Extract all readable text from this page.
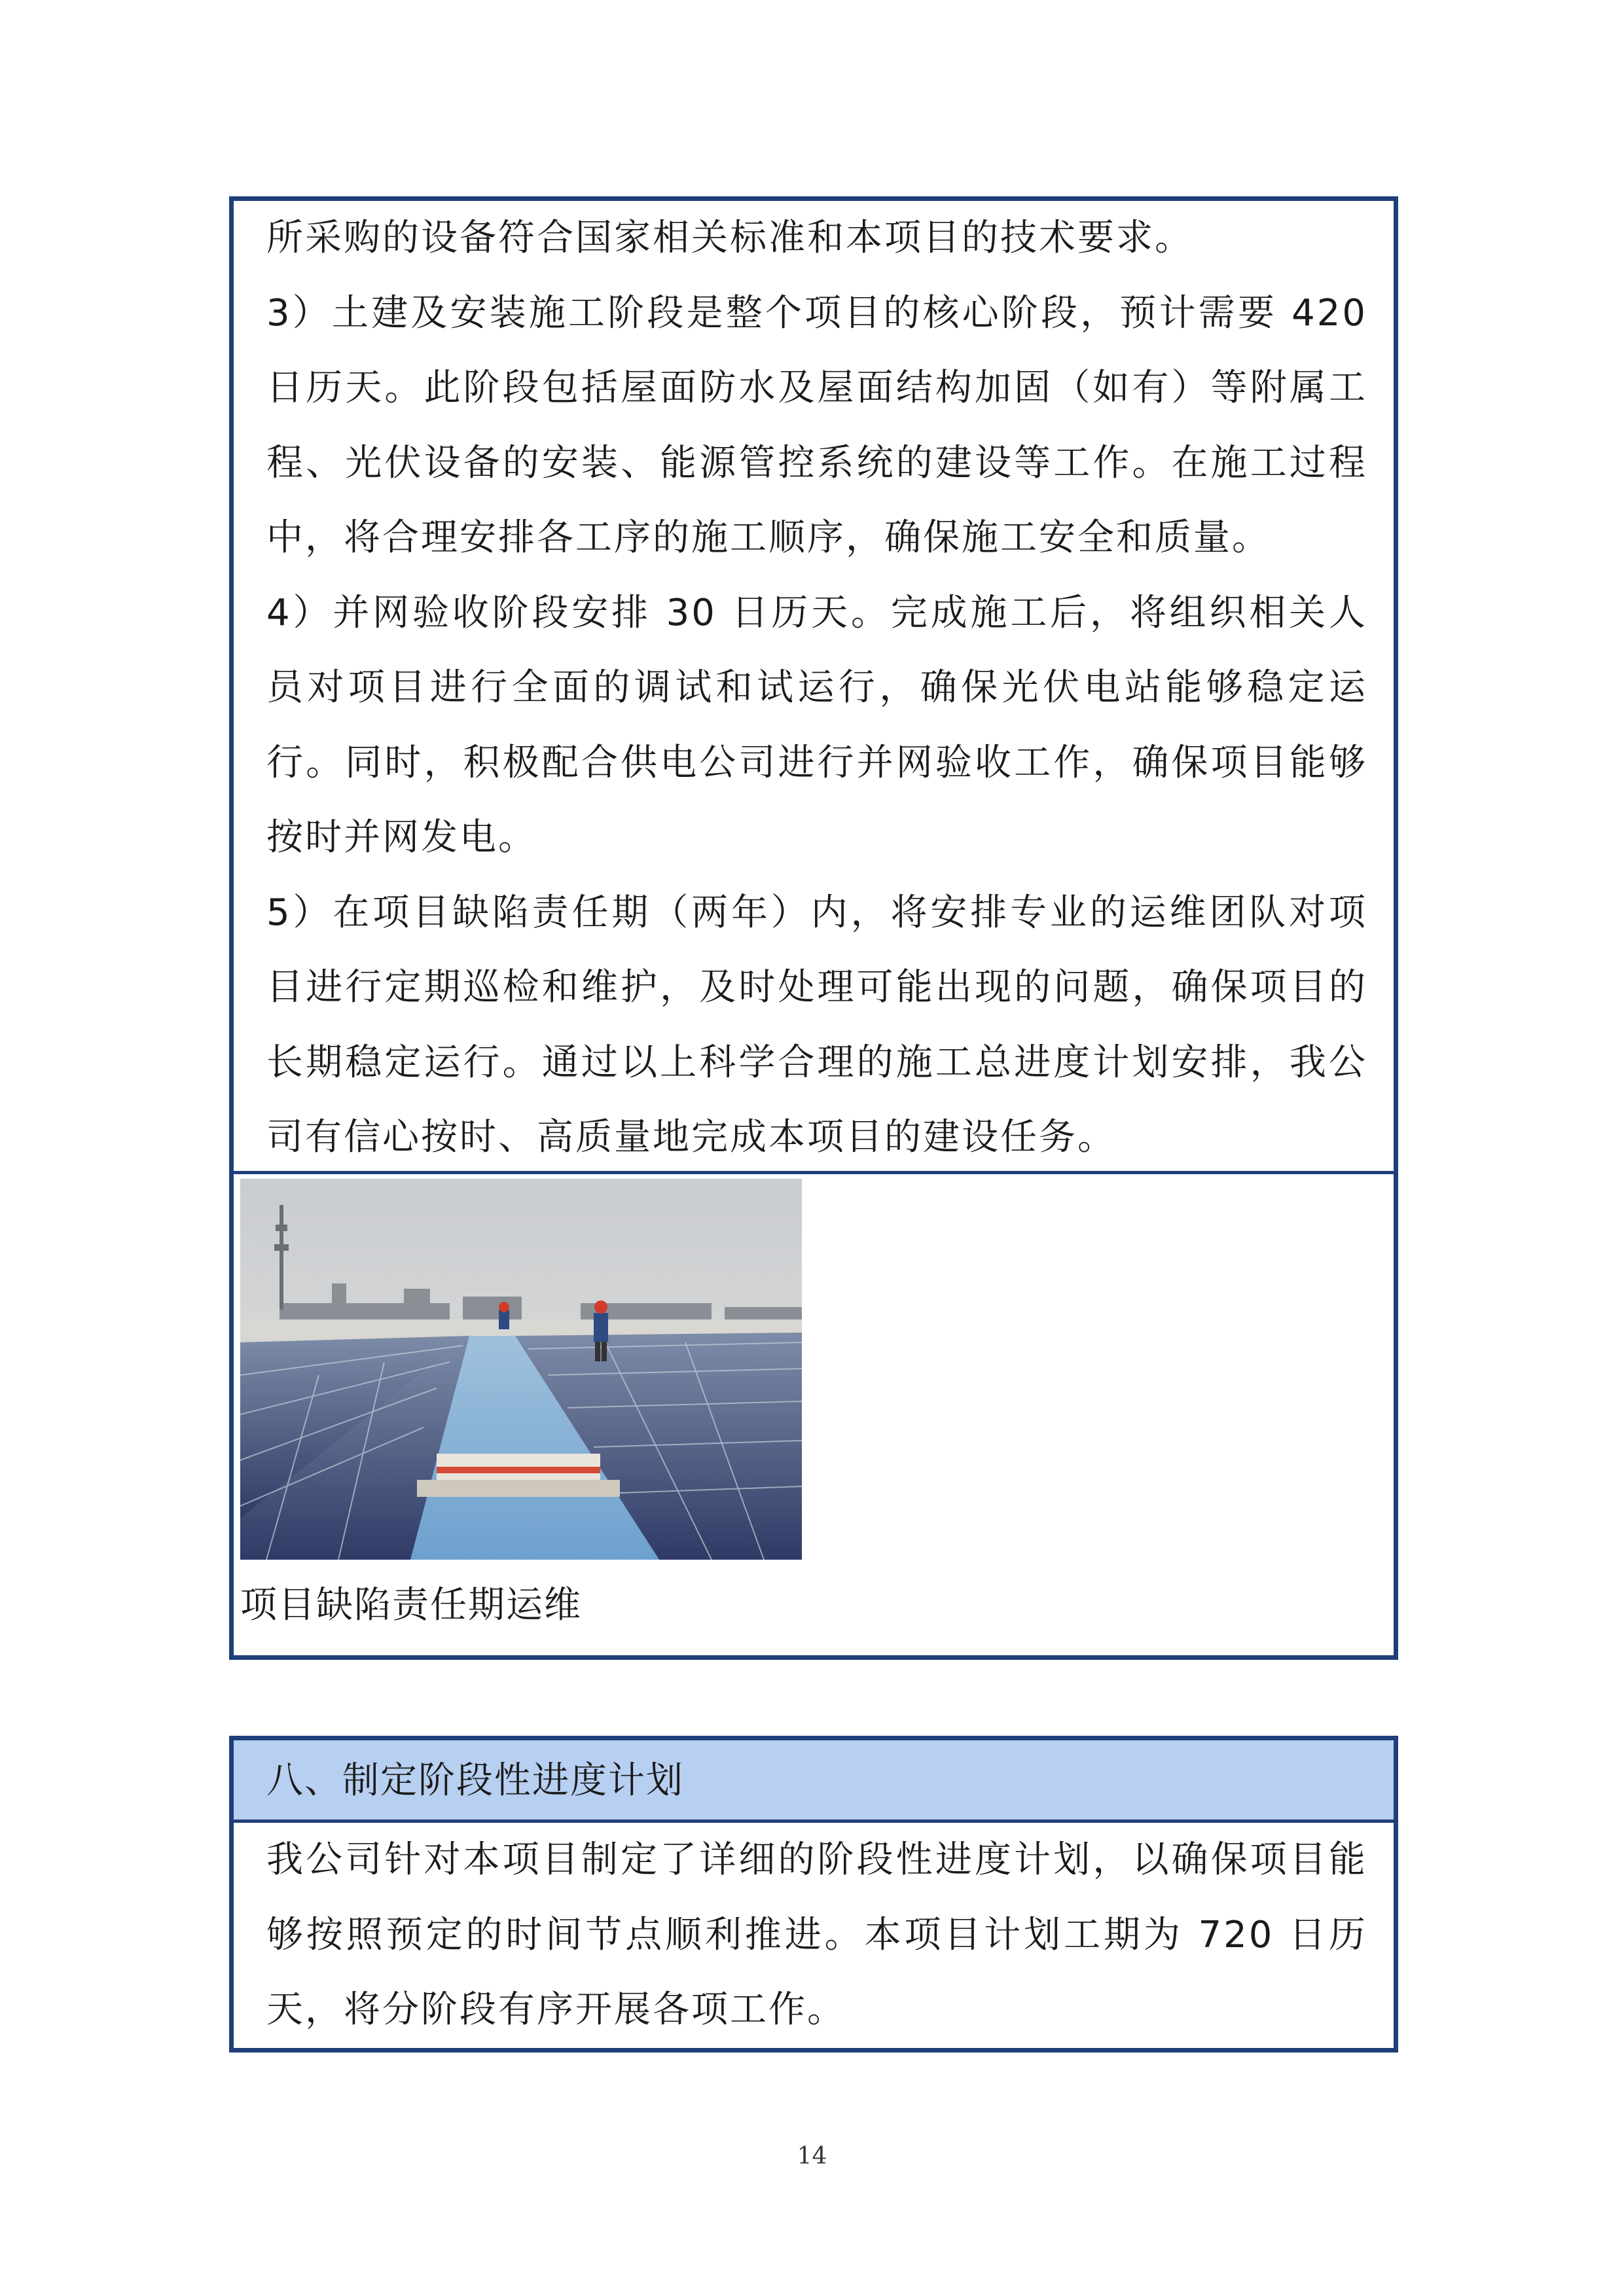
所采购的设备符合国家相关标准和本项目的技术要求。
3）土建及安装施工阶段是整个项目的核心阶段，预计需要 420 日历天。此阶段包括屋面防水及屋面结构加固（如有）等附属工程、光伏设备的安装、能源管控系统的建设等工作。在施工过程中，将合理安排各工序的施工顺序，确保施工安全和质量。
4）并网验收阶段安排 30 日历天。完成施工后，将组织相关人员对项目进行全面的调试和试运行，确保光伏电站能够稳定运行。同时，积极配合供电公司进行并网验收工作，确保项目能够按时并网发电。
5）在项目缺陷责任期（两年）内，将安排专业的运维团队对项目进行定期巡检和维护，及时处理可能出现的问题，确保项目的长期稳定运行。通过以上科学合理的施工总进度计划安排，我公司有信心按时、高质量地完成本项目的建设任务。
项目缺陷责任期运维
八、制定阶段性进度计划
我公司针对本项目制定了详细的阶段性进度计划，以确保项目能够按照预定的时间节点顺利推进。本项目计划工期为 720 日历天，将分阶段有序开展各项工作。
14
